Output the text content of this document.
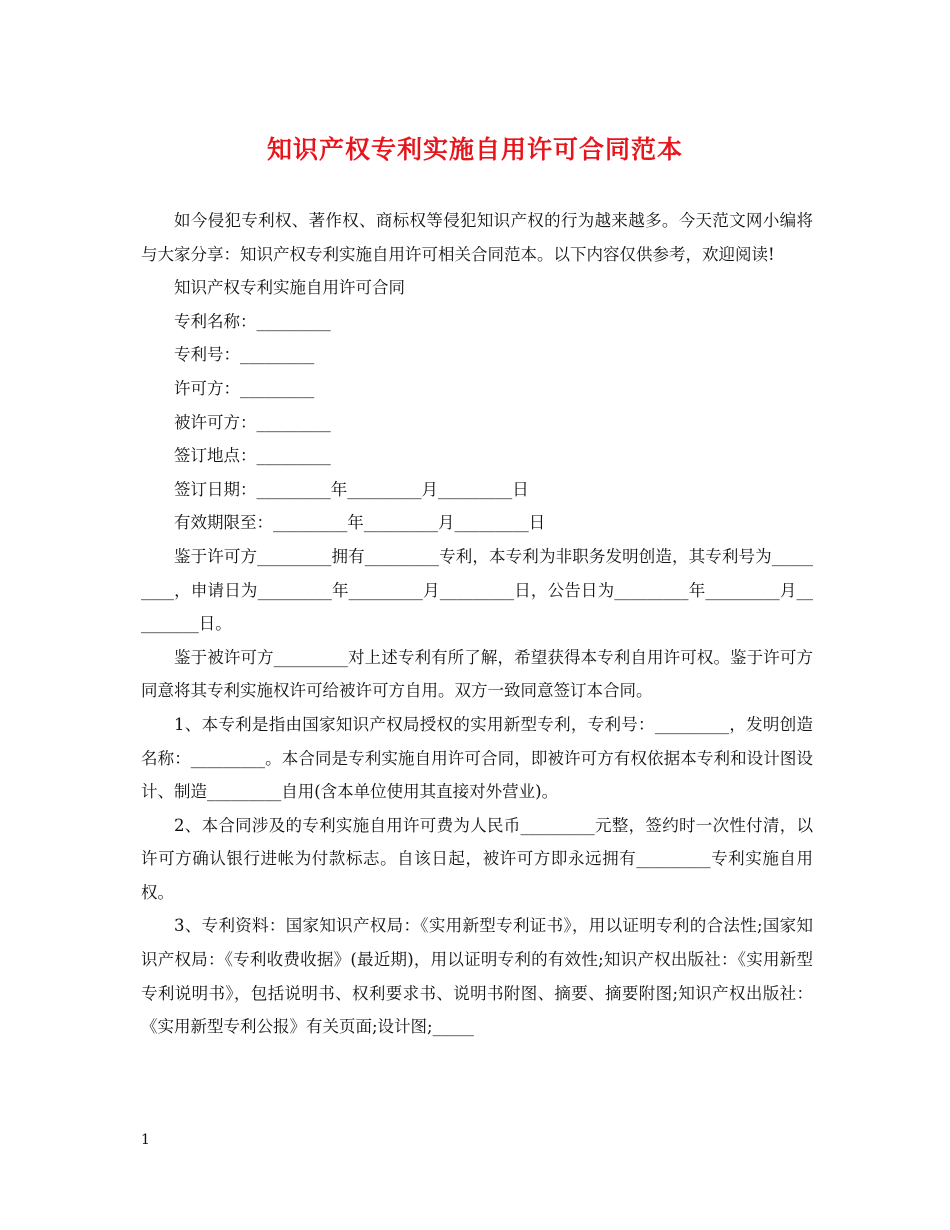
知识产权专利实施自用许可合同范本

如今侵犯专利权、著作权、商标权等侵犯知识产权的行为越来越多。今天范文网小编将与大家分享：知识产权专利实施自用许可相关合同范本。以下内容仅供参考，欢迎阅读!

知识产权专利实施自用许可合同

专利名称：_________

专利号：_________

许可方：_________

被许可方：_________

签订地点：_________

签订日期：_________年_________月_________日

有效期限至：_________年_________月_________日

鉴于许可方_________拥有_________专利，本专利为非职务发明创造，其专利号为_________，申请日为_________年_________月_________日，公告日为_________年_________月_________日。

鉴于被许可方_________对上述专利有所了解，希望获得本专利自用许可权。鉴于许可方同意将其专利实施权许可给被许可方自用。双方一致同意签订本合同。

1、本专利是指由国家知识产权局授权的实用新型专利，专利号：_________，发明创造名称：_________。本合同是专利实施自用许可合同，即被许可方有权依据本专利和设计图设计、制造_________自用(含本单位使用其直接对外营业)。

2、本合同涉及的专利实施自用许可费为人民币_________元整，签约时一次性付清，以许可方确认银行进帐为付款标志。自该日起，被许可方即永远拥有_________专利实施自用权。

3、专利资料：国家知识产权局：《实用新型专利证书》，用以证明专利的合法性;国家知识产权局：《专利收费收据》(最近期)，用以证明专利的有效性;知识产权出版社：《实用新型专利说明书》，包括说明书、权利要求书、说明书附图、摘要、摘要附图;知识产权出版社：《实用新型专利公报》有关页面;设计图;_____

1
